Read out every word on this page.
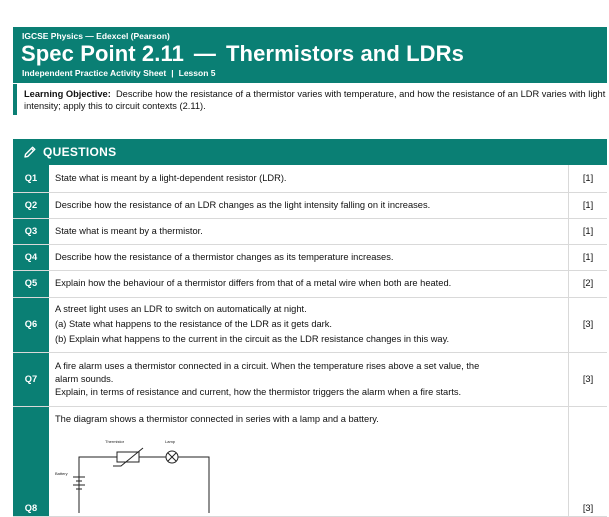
IGCSE Physics — Edexcel (Pearson)
Spec Point 2.11 — Thermistors and LDRs
Independent Practice Activity Sheet | Lesson 5
Learning Objective: Describe how the resistance of a thermistor varies with temperature, and how the resistance of an LDR varies with light intensity; apply this to circuit contexts (2.11).
QUESTIONS
Q1	State what is meant by a light-dependent resistor (LDR).	[1]
Q2	Describe how the resistance of an LDR changes as the light intensity falling on it increases.	[1]
Q3	State what is meant by a thermistor.	[1]
Q4	Describe how the resistance of a thermistor changes as its temperature increases.	[1]
Q5	Explain how the behaviour of a thermistor differs from that of a metal wire when both are heated.	[2]
Q6	A street light uses an LDR to switch on automatically at night.
(a) State what happens to the resistance of the LDR as it gets dark.
(b) Explain what happens to the current in the circuit as the LDR resistance changes in this way.	[3]
Q7	A fire alarm uses a thermistor connected in a circuit. When the temperature rises above a set value, the
alarm sounds.
Explain, in terms of resistance and current, how the thermistor triggers the alarm when a fire starts.	[3]
Q8	The diagram shows a thermistor connected in series with a lamp and a battery.
Thermistor Lamp
Battery	[3]
